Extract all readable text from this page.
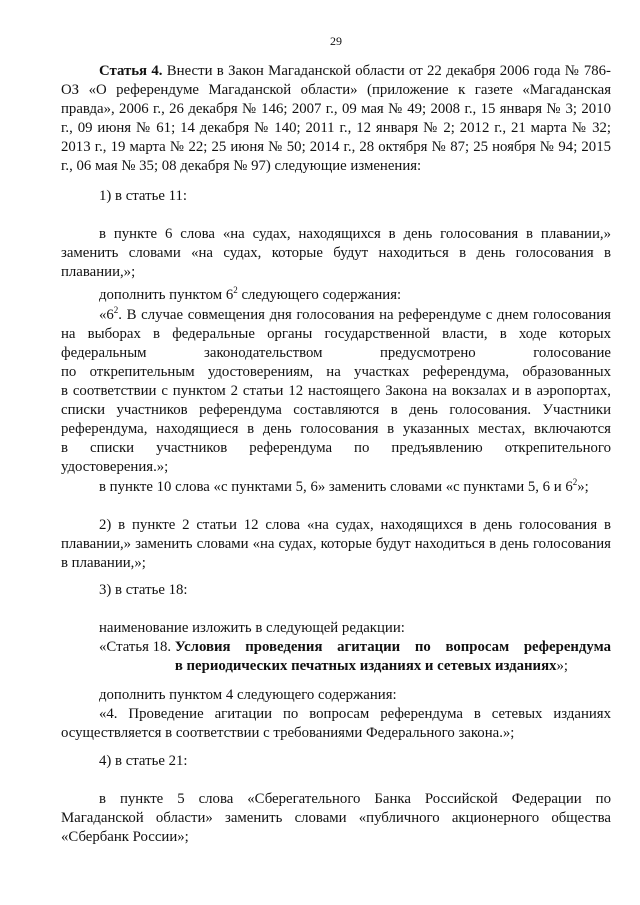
29

Статья 4. Внести в Закон Магаданской области от 22 декабря 2006 года № 786-ОЗ «О референдуме Магаданской области» (приложение к газете «Магаданская правда», 2006 г., 26 декабря № 146; 2007 г., 09 мая № 49; 2008 г., 15 января № 3; 2010 г., 09 июня № 61; 14 декабря № 140; 2011 г., 12 января № 2; 2012 г., 21 марта № 32; 2013 г., 19 марта № 22; 25 июня № 50; 2014 г., 28 октября № 87; 25 ноября № 94; 2015 г., 06 мая № 35; 08 декабря № 97) следующие изменения:

1) в статье 11:

в пункте 6 слова «на судах, находящихся в день голосования в плавании,» заменить словами «на судах, которые будут находиться в день голосования в плавании,»;

дополнить пунктом $6^2$ следующего содержания:

«$6^2$. В случае совмещения дня голосования на референдуме с днем голосования
на выборах в федеральные органы государственной власти, в ходе которых
федеральным законодательством предусмотрено голосование
по открепительным удостоверениям, на участках референдума, образованных
в соответствии с пунктом 2 статьи 12 настоящего Закона на вокзалах и в аэропортах,
списки участников референдума составляются в день голосования. Участники
референдума, находящиеся в день голосования в указанных местах, включаются
в списки участников референдума по предъявлению открепительного
удостоверения.»;

в пункте 10 слова «с пунктами 5, 6» заменить словами «с пунктами 5, 6 и $6^2$»;

2) в пункте 2 статьи 12 слова «на судах, находящихся в день голосования в плавании,» заменить словами «на судах, которые будут находиться в день голосования в плавании,»;

3) в статье 18:

наименование изложить в следующей редакции:

«Статья 18. Условия проведения агитации по вопросам референдума
в периодических печатных изданиях и сетевых изданиях»;

дополнить пунктом 4 следующего содержания:

«4. Проведение агитации по вопросам референдума в сетевых изданиях осуществляется в соответствии с требованиями Федерального закона.»;

4) в статье 21:

в пункте 5 слова «Сберегательного Банка Российской Федерации по Магаданской области» заменить словами «публичного акционерного общества «Сбербанк России»;
